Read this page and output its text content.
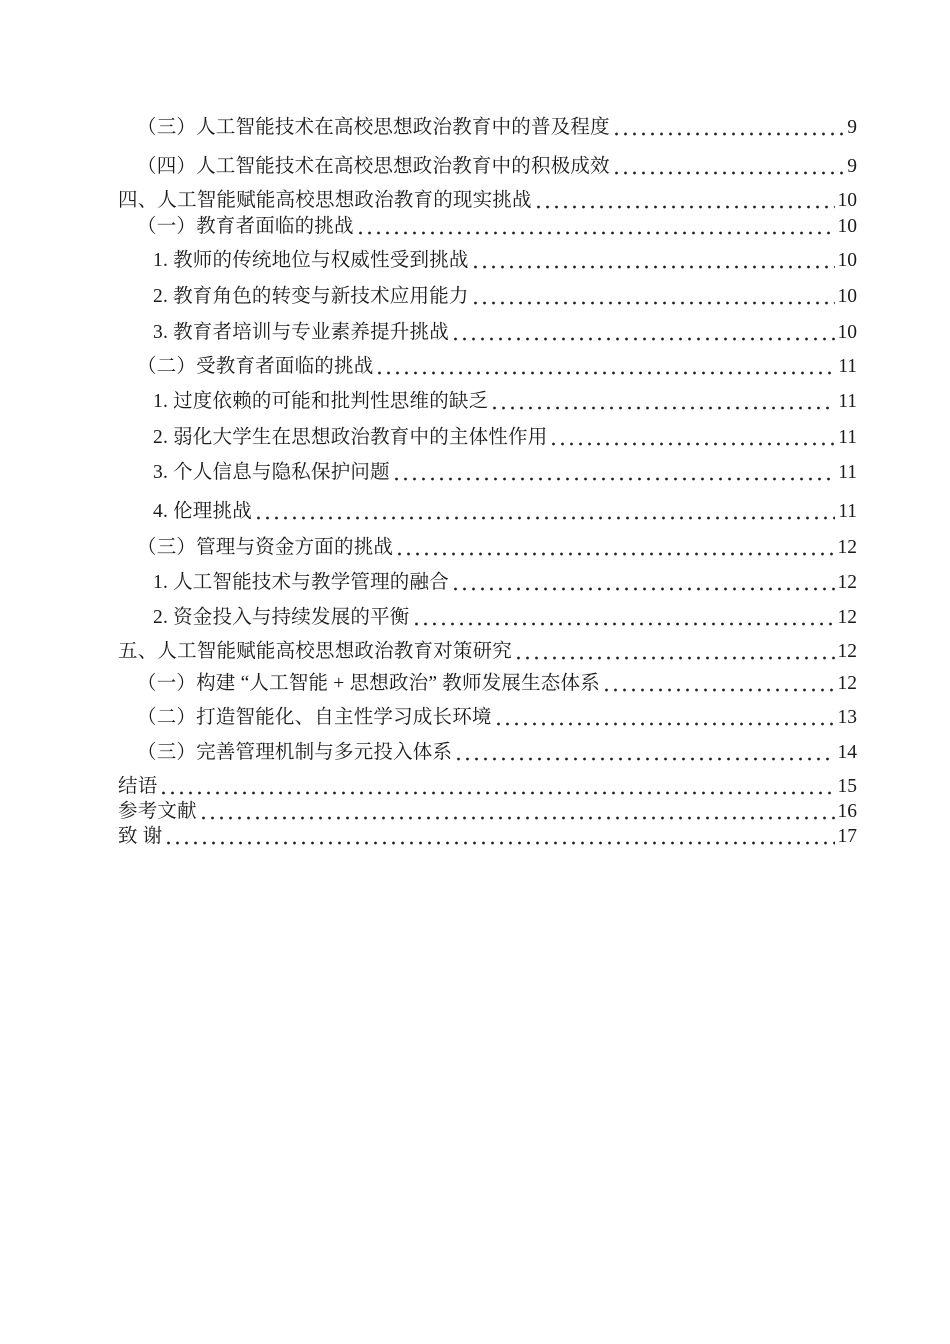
（三）人工智能技术在高校思想政治教育中的普及程度	9
（四）人工智能技术在高校思想政治教育中的积极成效	9
四、人工智能赋能高校思想政治教育的现实挑战	10
（一）教育者面临的挑战	10
1. 教师的传统地位与权威性受到挑战	10
2. 教育角色的转变与新技术应用能力	10
3. 教育者培训与专业素养提升挑战	10
（二）受教育者面临的挑战	11
1. 过度依赖的可能和批判性思维的缺乏	11
2. 弱化大学生在思想政治教育中的主体性作用	11
3. 个人信息与隐私保护问题	11
4. 伦理挑战	11
（三）管理与资金方面的挑战	12
1. 人工智能技术与教学管理的融合	12
2. 资金投入与持续发展的平衡	12
五、人工智能赋能高校思想政治教育对策研究	12
（一）构建 “人工智能 + 思想政治” 教师发展生态体系	12
（二）打造智能化、自主性学习成长环境	13
（三）完善管理机制与多元投入体系	14
结语	15
参考文献	16
致 谢	17
